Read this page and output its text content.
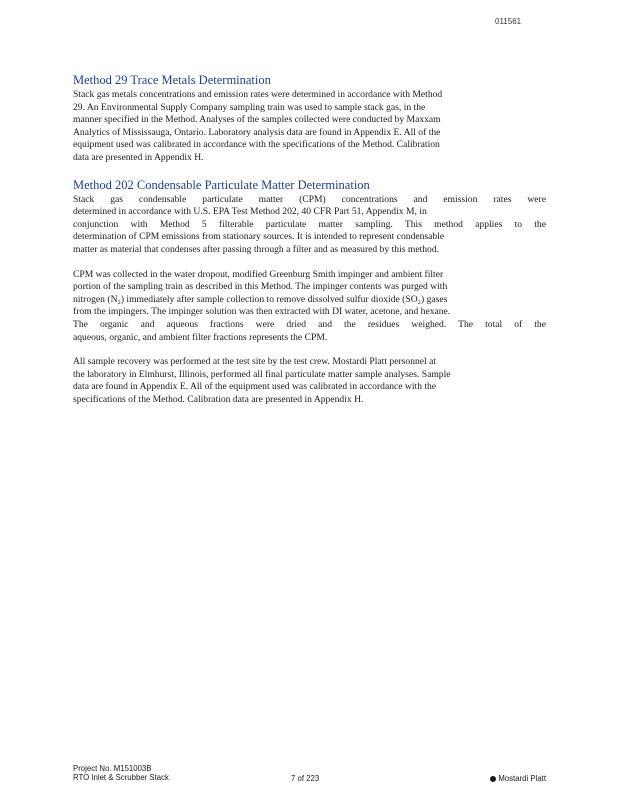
011561
Method 29 Trace Metals Determination

Stack gas metals concentrations and emission rates were determined in accordance with Method

29. An Environmental Supply Company sampling train was used to sample stack gas, in the

manner specified in the Method. Analyses of the samples collected were conducted by Maxxam

Analytics of Mississauga, Ontario. Laboratory analysis data are found in Appendix E. All of the

equipment used was calibrated in accordance with the specifications of the Method. Calibration

data are presented in Appendix H.

Method 202 Condensable Particulate Matter Determination

Stack gas condensable particulate matter (CPM) concentrations and emission rates were

determined in accordance with U.S. EPA Test Method 202, 40 CFR Part 51, Appendix M, in

conjunction with Method 5 filterable particulate matter sampling. This method applies to the

determination of CPM emissions from stationary sources. It is intended to represent condensable

matter as material that condenses after passing through a filter and as measured by this method.

CPM was collected in the water dropout, modified Greenburg Smith impinger and ambient filter

portion of the sampling train as described in this Method. The impinger contents was purged with

nitrogen (N₂) immediately after sample collection to remove dissolved sulfur dioxide (SO₂) gases

from the impingers. The impinger solution was then extracted with DI water, acetone, and hexane.

The organic and aqueous fractions were dried and the residues weighed. The total of the

aqueous, organic, and ambient filter fractions represents the CPM.

All sample recovery was performed at the test site by the test crew. Mostardi Platt personnel at

the laboratory in Elmhurst, Illinois, performed all final particulate matter sample analyses. Sample

data are found in Appendix E. All of the equipment used was calibrated in accordance with the

specifications of the Method. Calibration data are presented in Appendix H.

Project No. M151003B
RTO Inlet & Scrubber Stack	7 of 223	Mostardi Platt
